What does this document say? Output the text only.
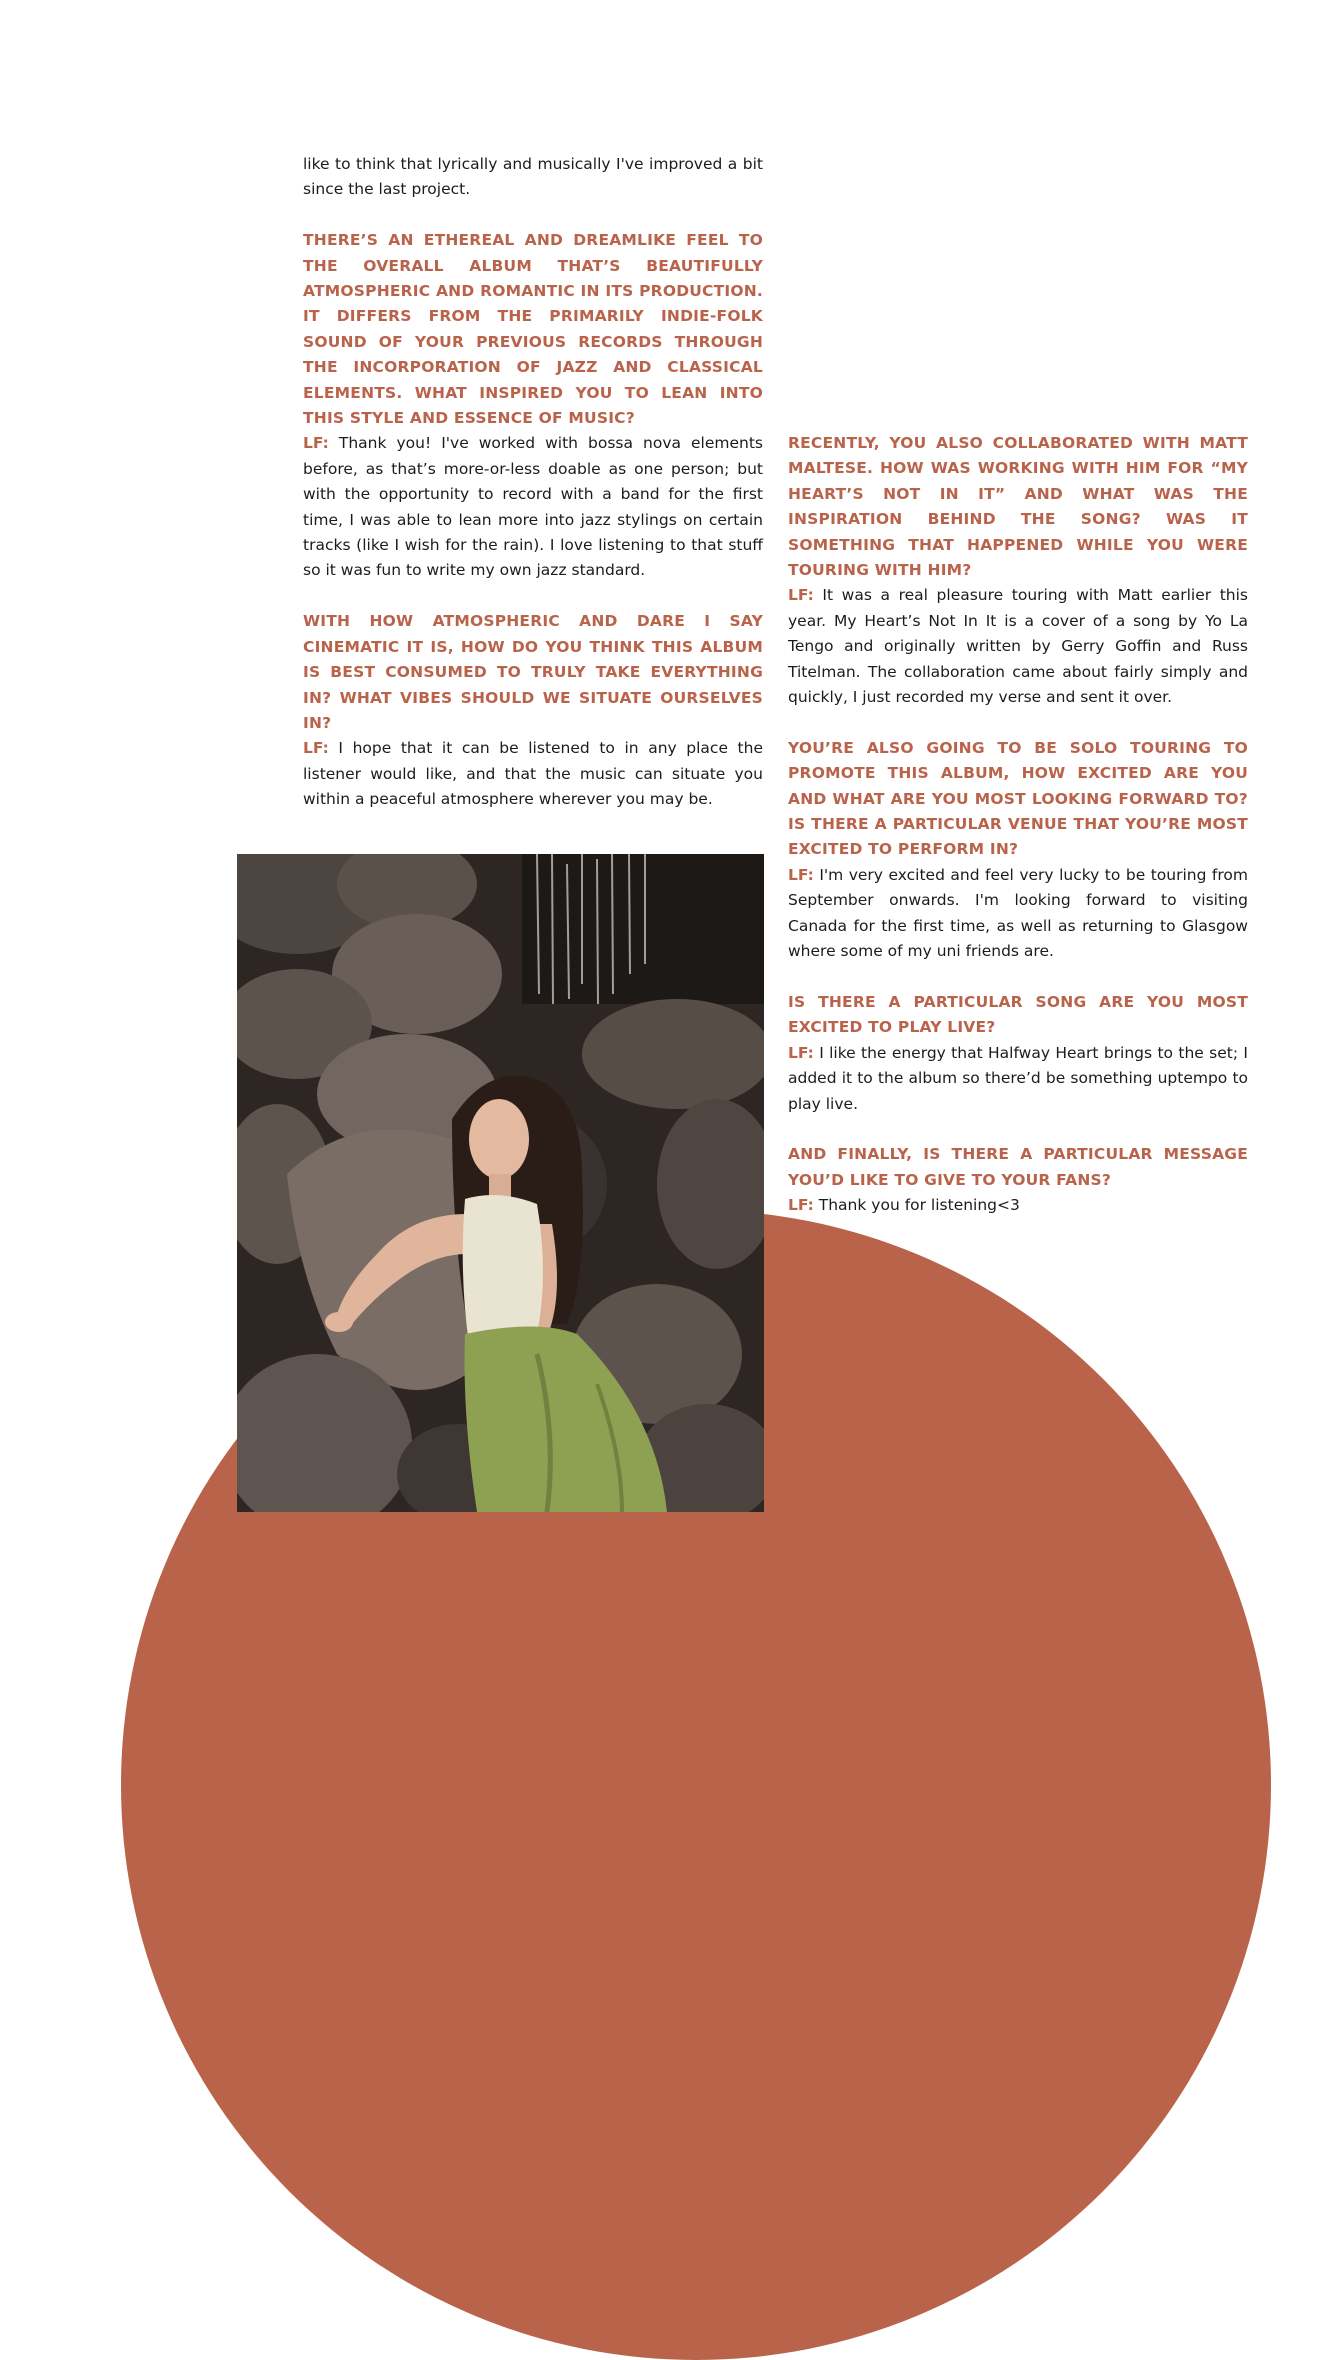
like to think that lyrically and musically I've improved a bit since the last project.

THERE’S AN ETHEREAL AND DREAMLIKE FEEL TO THE OVERALL ALBUM THAT’S BEAUTIFULLY ATMOSPHERIC AND ROMANTIC IN ITS PRODUCTION. IT DIFFERS FROM THE PRIMARILY INDIE-FOLK SOUND OF YOUR PREVIOUS RECORDS THROUGH THE INCORPORATION OF JAZZ AND CLASSICAL ELEMENTS. WHAT INSPIRED YOU TO LEAN INTO THIS STYLE AND ESSENCE OF MUSIC?

LF: Thank you! I've worked with bossa nova elements before, as that’s more-or-less doable as one person; but with the opportunity to record with a band for the first time, I was able to lean more into jazz stylings on certain tracks (like I wish for the rain). I love listening to that stuff so it was fun to write my own jazz standard.

WITH HOW ATMOSPHERIC AND DARE I SAY CINEMATIC IT IS, HOW DO YOU THINK THIS ALBUM IS BEST CONSUMED TO TRULY TAKE EVERYTHING IN? WHAT VIBES SHOULD WE SITUATE OURSELVES IN?

LF: I hope that it can be listened to in any place the listener would like, and that the music can situate you within a peaceful atmosphere wherever you may be.

RECENTLY, YOU ALSO COLLABORATED WITH MATT MALTESE. HOW WAS WORKING WITH HIM FOR “MY HEART’S NOT IN IT” AND WHAT WAS THE INSPIRATION BEHIND THE SONG? WAS IT SOMETHING THAT HAPPENED WHILE YOU WERE TOURING WITH HIM?

LF: It was a real pleasure touring with Matt earlier this year. My Heart’s Not In It is a cover of a song by Yo La Tengo and originally written by Gerry Goffin and Russ Titelman. The collaboration came about fairly simply and quickly, I just recorded my verse and sent it over.

YOU’RE ALSO GOING TO BE SOLO TOURING TO PROMOTE THIS ALBUM, HOW EXCITED ARE YOU AND WHAT ARE YOU MOST LOOKING FORWARD TO? IS THERE A PARTICULAR VENUE THAT YOU’RE MOST EXCITED TO PERFORM IN?

LF: I'm very excited and feel very lucky to be touring from September onwards. I'm looking forward to visiting Canada for the first time, as well as returning to Glasgow where some of my uni friends are.

IS THERE A PARTICULAR SONG ARE YOU MOST EXCITED TO PLAY LIVE?

LF: I like the energy that Halfway Heart brings to the set; I added it to the album so there’d be something uptempo to play live.

AND FINALLY, IS THERE A PARTICULAR MESSAGE YOU’D LIKE TO GIVE TO YOUR FANS?

LF: Thank you for listening<3
